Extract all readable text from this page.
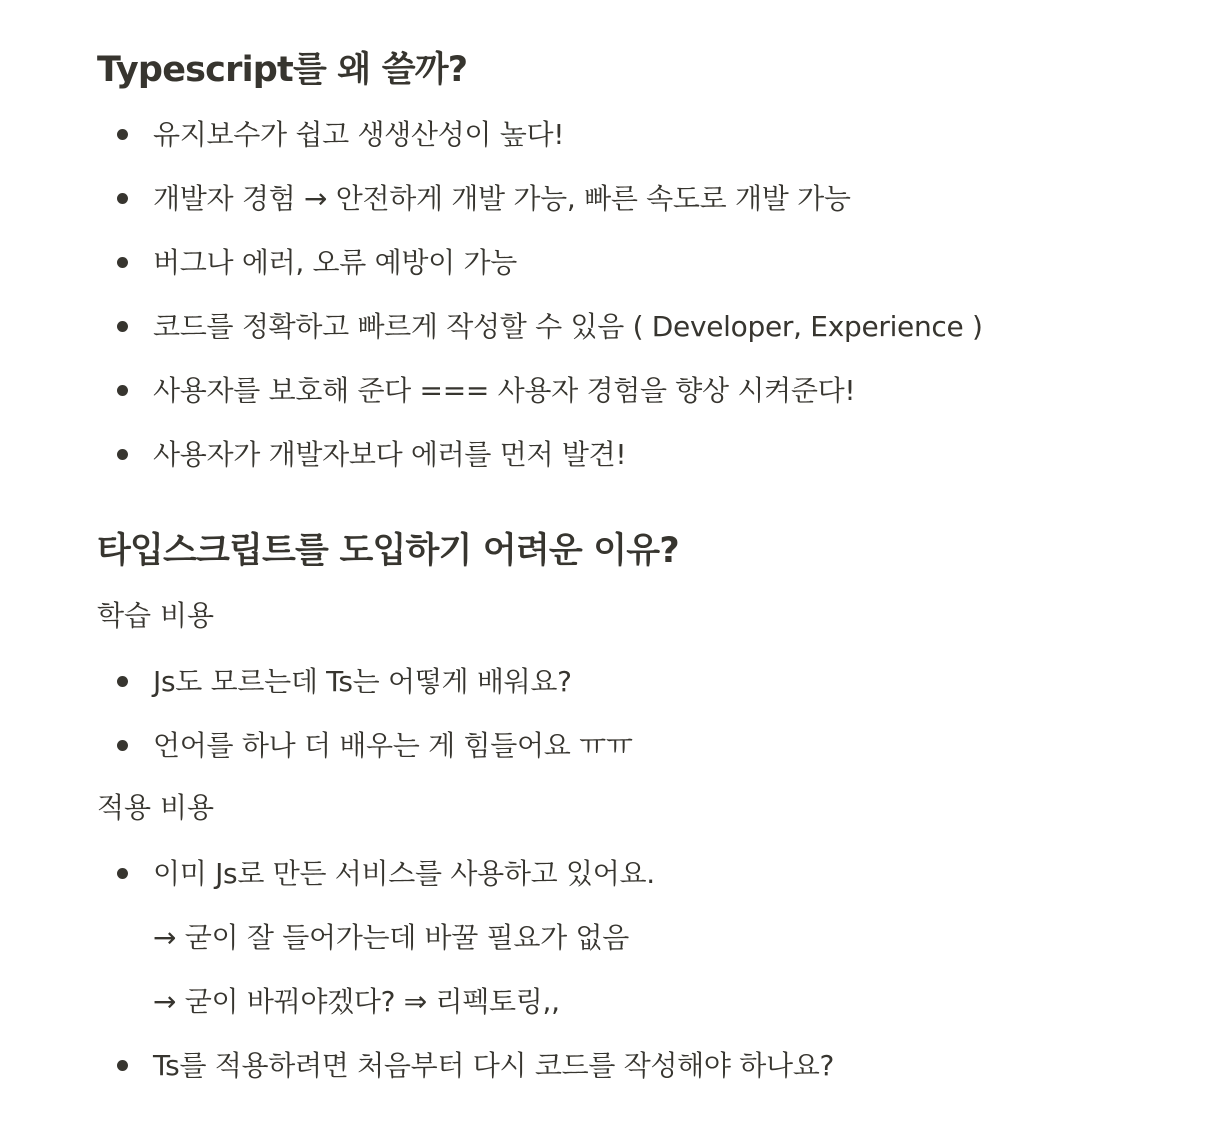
Typescript를 왜 쓸까?
유지보수가 쉽고 생생산성이 높다!
개발자 경험 → 안전하게 개발 가능, 빠른 속도로 개발 가능
버그나 에러, 오류 예방이 가능
코드를 정확하고 빠르게 작성할 수 있음 ( Developer, Experience )
사용자를 보호해 준다 === 사용자 경험을 향상 시켜준다!
사용자가 개발자보다 에러를 먼저 발견!
타입스크립트를 도입하기 어려운 이유?

학습 비용

Js도 모르는데 Ts는 어떻게 배워요?
언어를 하나 더 배우는 게 힘들어요 ㅠㅠ

적용 비용

이미 Js로 만든 서비스를 사용하고 있어요.
→ 굳이 잘 들어가는데 바꿀 필요가 없음
→ 굳이 바꿔야겠다? ⇒ 리펙토링,,
Ts를 적용하려면 처음부터 다시 코드를 작성해야 하나요?
